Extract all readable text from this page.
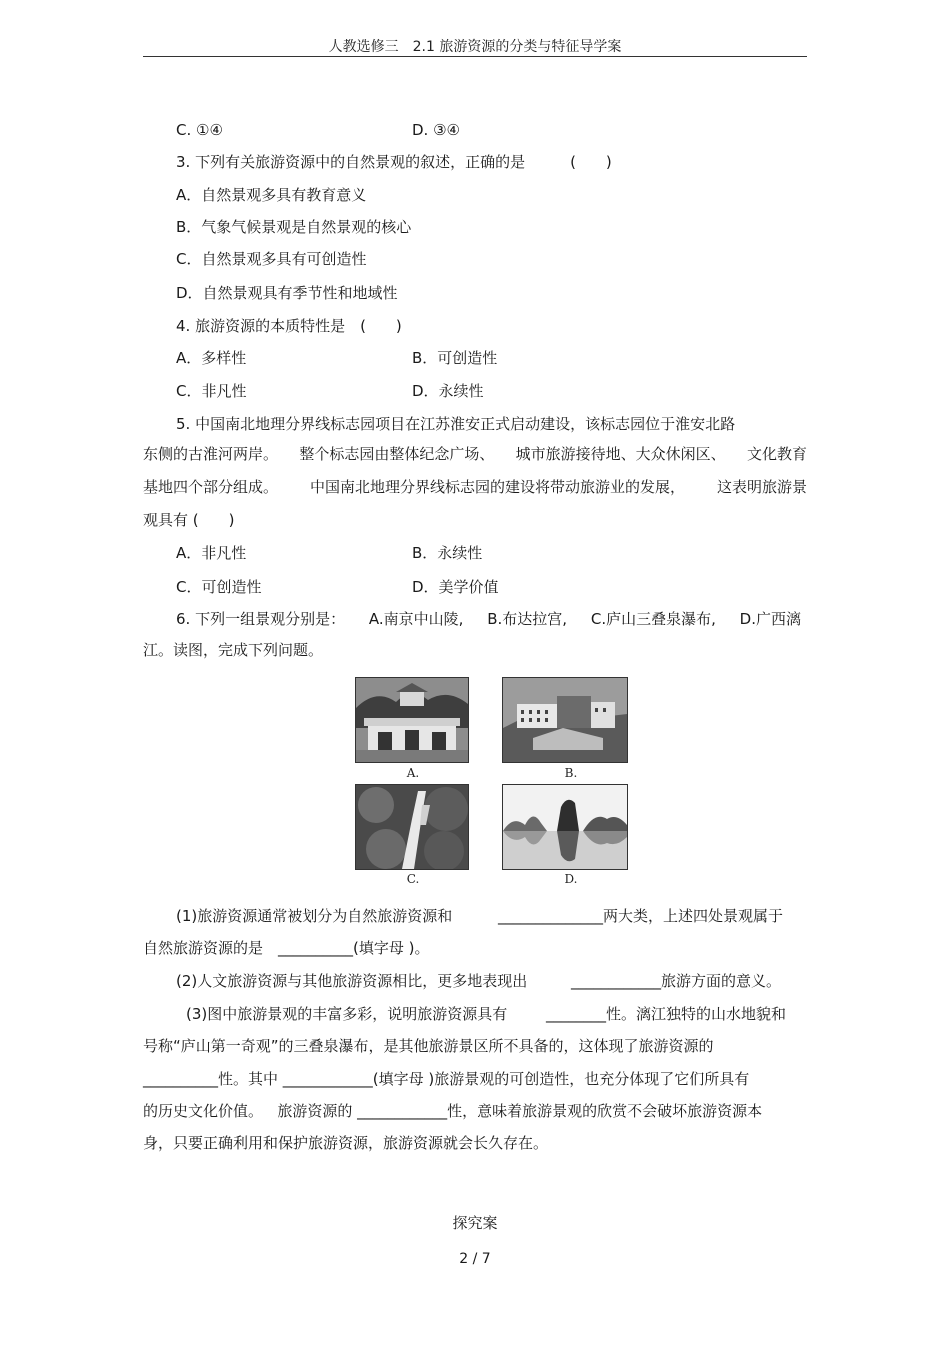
人教选修三　2.1 旅游资源的分类与特征导学案
C. ①④	D. ③④
3. 下列有关旅游资源中的自然景观的叙述，正确的是　　　(　　)
A．自然景观多具有教育意义
B．气象气候景观是自然景观的核心
C．自然景观多具有可创造性
D．自然景观具有季节性和地域性
4. 旅游资源的本质特性是　(　　)
A．多样性	B．可创造性
C．非凡性	D．永续性
5. 中国南北地理分界线标志园项目在江苏淮安正式启动建设，该标志园位于淮安北路
东侧的古淮河两岸。 整个标志园由整体纪念广场、 城市旅游接待地、大众休闲区、 文化教育
基地四个部分组成。 中国南北地理分界线标志园的建设将带动旅游业的发展， 这表明旅游景
观具有 (　　)
A．非凡性	B．永续性
C．可创造性	D．美学价值
6. 下列一组景观分别是： A.南京中山陵, B.布达拉宫, C.庐山三叠泉瀑布, D.广西漓
江。读图，完成下列问题。
A.	B.
C.	D.
(1)旅游资源通常被划分为自然旅游资源和	______________两大类，上述四处景观属于
自然旅游资源的是　__________(填字母 )。
(2)人文旅游资源与其他旅游资源相比，更多地表现出	____________旅游方面的意义。
(3)图中旅游景观的丰富多彩，说明旅游资源具有	________性。漓江独特的山水地貌和
号称“庐山第一奇观”的三叠泉瀑布，是其他旅游景区所不具备的，这体现了旅游资源的
__________性。其中 ____________(填字母 )旅游景观的可创造性，也充分体现了它们所具有
的历史文化价值。 旅游资源的 ____________性，意味着旅游景观的欣赏不会破坏旅游资源本
身，只要正确利用和保护旅游资源，旅游资源就会长久存在。
探究案
2 / 7
